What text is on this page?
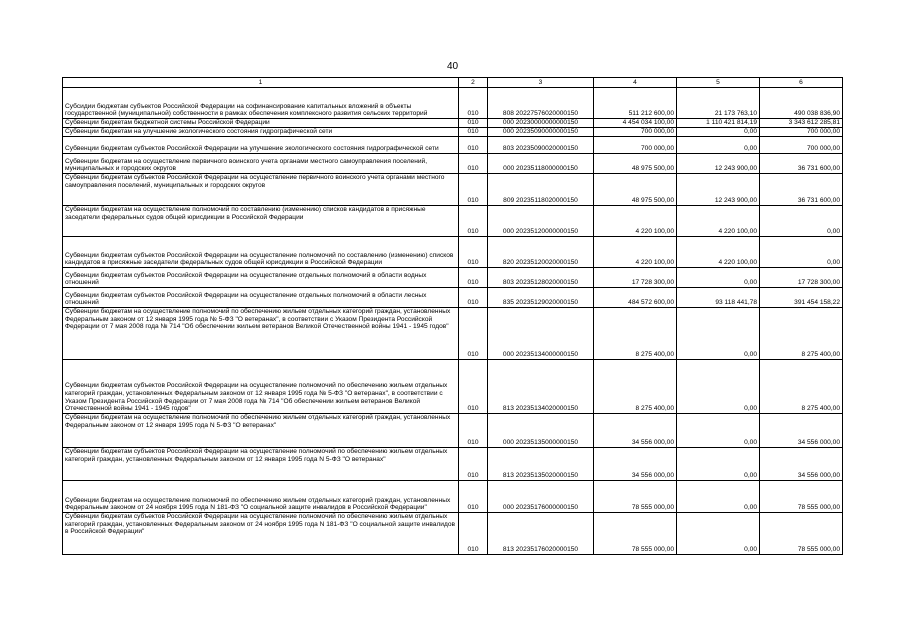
40
1	2	3	4	5	6
Субсидии бюджетам субъектов Российской Федерации на софинансирование капитальных вложений в объекты государственной (муниципальной) собственности в рамках обеспечения комплексного развития сельских территорий	010	808 20227576020000150	511 212 600,00	21 173 763,10	490 038 836,90
Субвенции бюджетам бюджетной системы Российской Федерации	010	000 20230000000000150	4 454 034 100,00	1 110 421 814,19	3 343 612 285,81
Субвенции бюджетам на улучшение экологического состояния гидрографической сети	010	000 20235090000000150	700 000,00	0,00	700 000,00
Субвенции бюджетам субъектов Российской Федерации на улучшение экологического состояния гидрографической сети	010	803 20235090020000150	700 000,00	0,00	700 000,00
Субвенции бюджетам на осуществление первичного воинского учета органами местного самоуправления поселений, муниципальных и городских округов	010	000 20235118000000150	48 975 500,00	12 243 900,00	36 731 600,00
Субвенции бюджетам субъектов Российской Федерации на осуществление первичного воинского учета органами местного самоуправления поселений, муниципальных и городских округов	010	809 20235118020000150	48 975 500,00	12 243 900,00	36 731 600,00
Субвенции бюджетам на осуществление полномочий по составлению (изменению) списков кандидатов в присяжные заседатели федеральных судов общей юрисдикции в Российской Федерации	010	000 20235120000000150	4 220 100,00	4 220 100,00	0,00
Субвенции бюджетам субъектов Российской Федерации на осуществление полномочий по составлению (изменению) списков кандидатов в присяжные заседатели федеральных судов общей юрисдикции в Российской Федерации	010	820 20235120020000150	4 220 100,00	4 220 100,00	0,00
Субвенции бюджетам субъектов Российской Федерации на осуществление отдельных полномочий в области водных отношений	010	803 20235128020000150	17 728 300,00	0,00	17 728 300,00
Субвенции бюджетам субъектов Российской Федерации на осуществление отдельных полномочий в области лесных отношений	010	835 20235129020000150	484 572 600,00	93 118 441,78	391 454 158,22
Субвенции бюджетам на осуществление полномочий по обеспечению жильем отдельных категорий граждан, установленных Федеральным законом от 12 января 1995 года № 5-ФЗ "О ветеранах", в соответствии с Указом Президента Российской Федерации от 7 мая 2008 года № 714 "Об обеспечении жильем ветеранов Великой Отечественной войны 1941 - 1945 годов"	010	000 20235134000000150	8 275 400,00	0,00	8 275 400,00
Субвенции бюджетам субъектов Российской Федерации на осуществление полномочий по обеспечению жильем отдельных категорий граждан, установленных Федеральным законом от 12 января 1995 года № 5-ФЗ "О ветеранах", в соответствии с Указом Президента Российской Федерации от 7 мая 2008 года № 714 "Об обеспечении жильем ветеранов Великой Отечественной войны 1941 - 1945 годов"	010	813 20235134020000150	8 275 400,00	0,00	8 275 400,00
Субвенции бюджетам на осуществление полномочий по обеспечению жильем отдельных категорий граждан, установленных Федеральным законом от 12 января 1995 года N 5-ФЗ "О ветеранах"	010	000 20235135000000150	34 556 000,00	0,00	34 556 000,00
Субвенции бюджетам субъектов Российской Федерации на осуществление полномочий по обеспечению жильем отдельных категорий граждан, установленных Федеральным законом от 12 января 1995 года N 5-ФЗ "О ветеранах"	010	813 20235135020000150	34 556 000,00	0,00	34 556 000,00
Субвенции бюджетам на осуществление полномочий по обеспечению жильем отдельных категорий граждан, установленных Федеральным законом от 24 ноября 1995 года N 181-ФЗ "О социальной защите инвалидов в Российской Федерации"	010	000 20235176000000150	78 555 000,00	0,00	78 555 000,00
Субвенции бюджетам субъектов Российской Федерации на осуществление полномочий по обеспечению жильем отдельных категорий граждан, установленных Федеральным законом от 24 ноября 1995 года N 181-ФЗ "О социальной защите инвалидов в Российской Федерации"	010	813 20235176020000150	78 555 000,00	0,00	78 555 000,00
